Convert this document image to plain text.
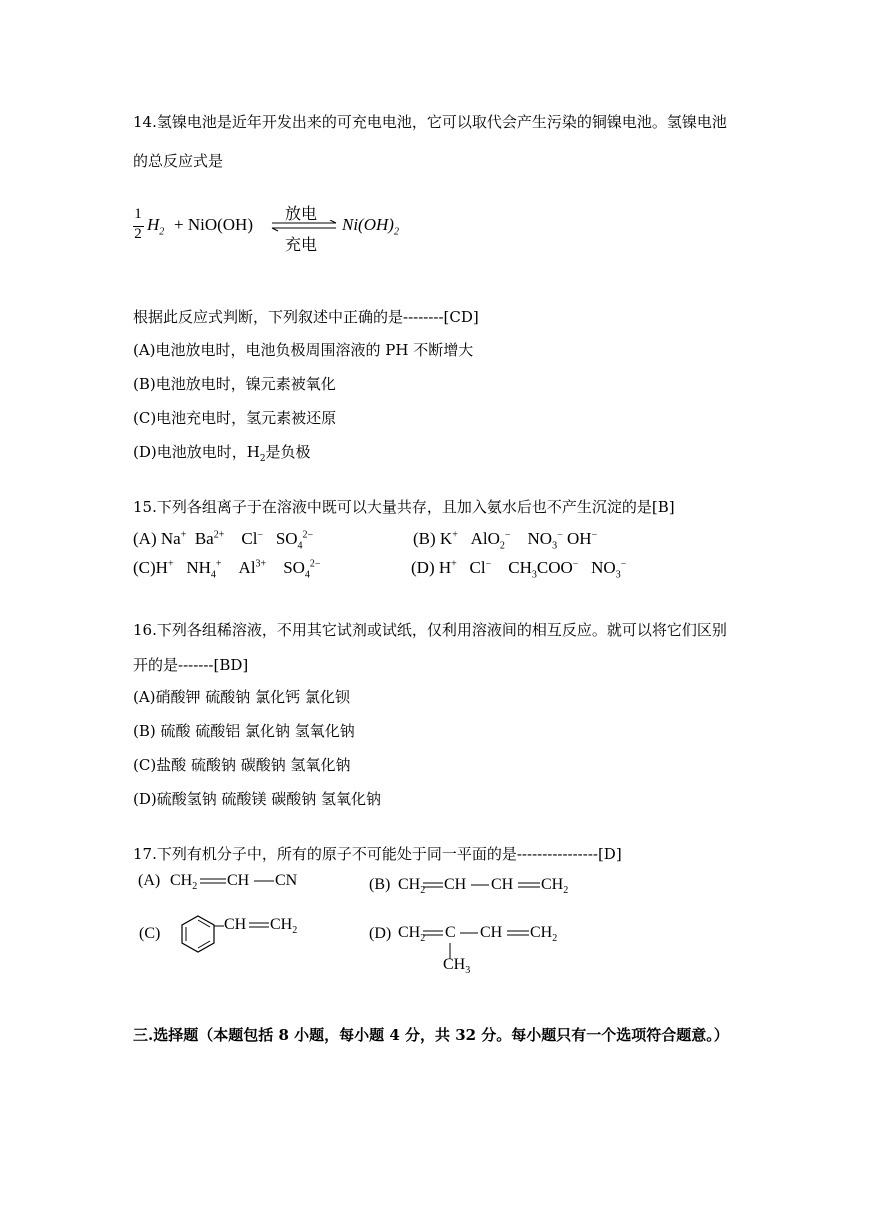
14.氢镍电池是近年开发出来的可充电电池，它可以取代会产生污染的铜镍电池。氢镍电池
的总反应式是
1
2 $H_2 + NiO(OH)$
放电
充电
$Ni(OH)_2$
根据此反应式判断，下列叙述中正确的是--------[CD]
(A)电池放电时，电池负极周围溶液的 PH 不断增大
(B)电池放电时，镍元素被氧化
(C)电池充电时，氢元素被还原
(D)电池放电时，$H_2$是负极
15.下列各组离子于在溶液中既可以大量共存，且加入氨水后也不产生沉淀的是[B]
(A) Na+  $Ba^{2+}$    Cl−   $SO_4^{2-}$	(B) K+   AlO$_2$−    $NO_3^-$ OH−
(C)H+   $NH_4^+$    $Al^{3+}$    $SO_4^{2-}$	(D) H+   Cl−    $CH_3COO^-$   $NO_3^-$
16.下列各组稀溶液，不用其它试剂或试纸，仅利用溶液间的相互反应。就可以将它们区别
开的是-------[BD]
(A)硝酸钾 硫酸钠 氯化钙 氯化钡
(B) 硫酸 硫酸铝 氯化钠 氢氧化钠
(C)盐酸 硫酸钠 碳酸钠 氢氧化钠
(D)硫酸氢钠 硫酸镁 碳酸钠 氢氧化钠
17.下列有机分子中，所有的原子不可能处于同一平面的是----------------[D]
(A) $CH_2$ CH CN	(B) $CH_2$ CH CH $CH_2$
(C)
CH $CH_2$	(D) $CH_2$ C CH $CH_2$
$CH_3$
三.选择题（本题包括 8 小题，每小题 4 分，共 32 分。每小题只有一个选项符合题意。）
